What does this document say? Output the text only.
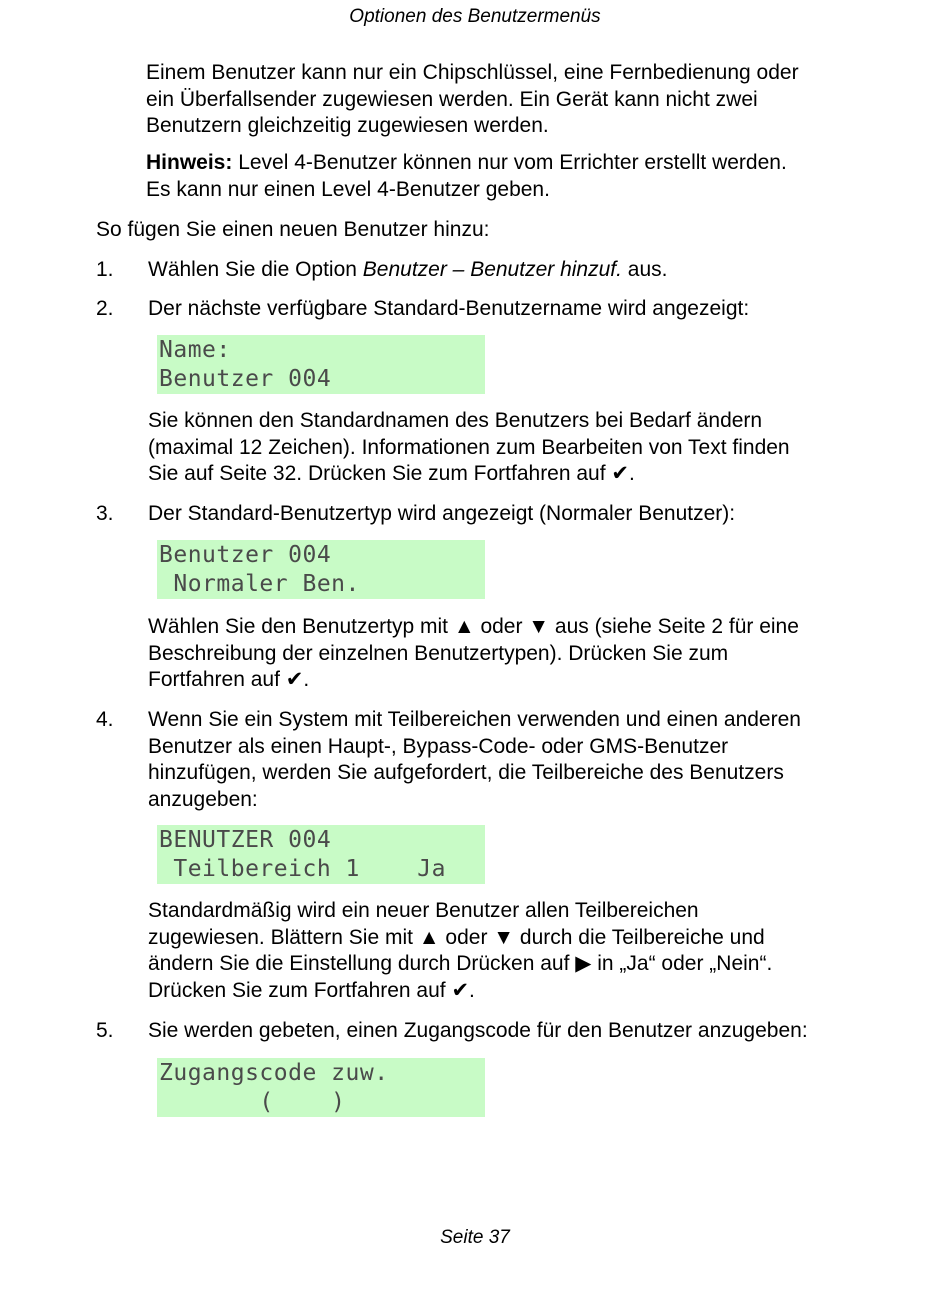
Optionen des Benutzermenüs
Einem Benutzer kann nur ein Chipschlüssel, eine Fernbedienung oder
ein Überfallsender zugewiesen werden. Ein Gerät kann nicht zwei
Benutzern gleichzeitig zugewiesen werden.
Hinweis: Level 4-Benutzer können nur vom Errichter erstellt werden.
Es kann nur einen Level 4-Benutzer geben.
So fügen Sie einen neuen Benutzer hinzu:
1. Wählen Sie die Option Benutzer – Benutzer hinzuf. aus.
2. Der nächste verfügbare Standard-Benutzername wird angezeigt:
Name:
Benutzer 004
Sie können den Standardnamen des Benutzers bei Bedarf ändern
(maximal 12 Zeichen). Informationen zum Bearbeiten von Text finden
Sie auf Seite 32. Drücken Sie zum Fortfahren auf ✔.
3. Der Standard-Benutzertyp wird angezeigt (Normaler Benutzer):
Benutzer 004
Normaler Ben.
Wählen Sie den Benutzertyp mit ▲ oder ▼ aus (siehe Seite 2 für eine
Beschreibung der einzelnen Benutzertypen). Drücken Sie zum
Fortfahren auf ✔.
4. Wenn Sie ein System mit Teilbereichen verwenden und einen anderen
Benutzer als einen Haupt-, Bypass-Code- oder GMS-Benutzer
hinzufügen, werden Sie aufgefordert, die Teilbereiche des Benutzers
anzugeben:
BENUTZER 004
Teilbereich 1    Ja
Standardmäßig wird ein neuer Benutzer allen Teilbereichen
zugewiesen. Blättern Sie mit ▲ oder ▼ durch die Teilbereiche und
ändern Sie die Einstellung durch Drücken auf ▶ in „Ja“ oder „Nein“.
Drücken Sie zum Fortfahren auf ✔.
5. Sie werden gebeten, einen Zugangscode für den Benutzer anzugeben:
Zugangscode zuw.
(    )
Seite 37
